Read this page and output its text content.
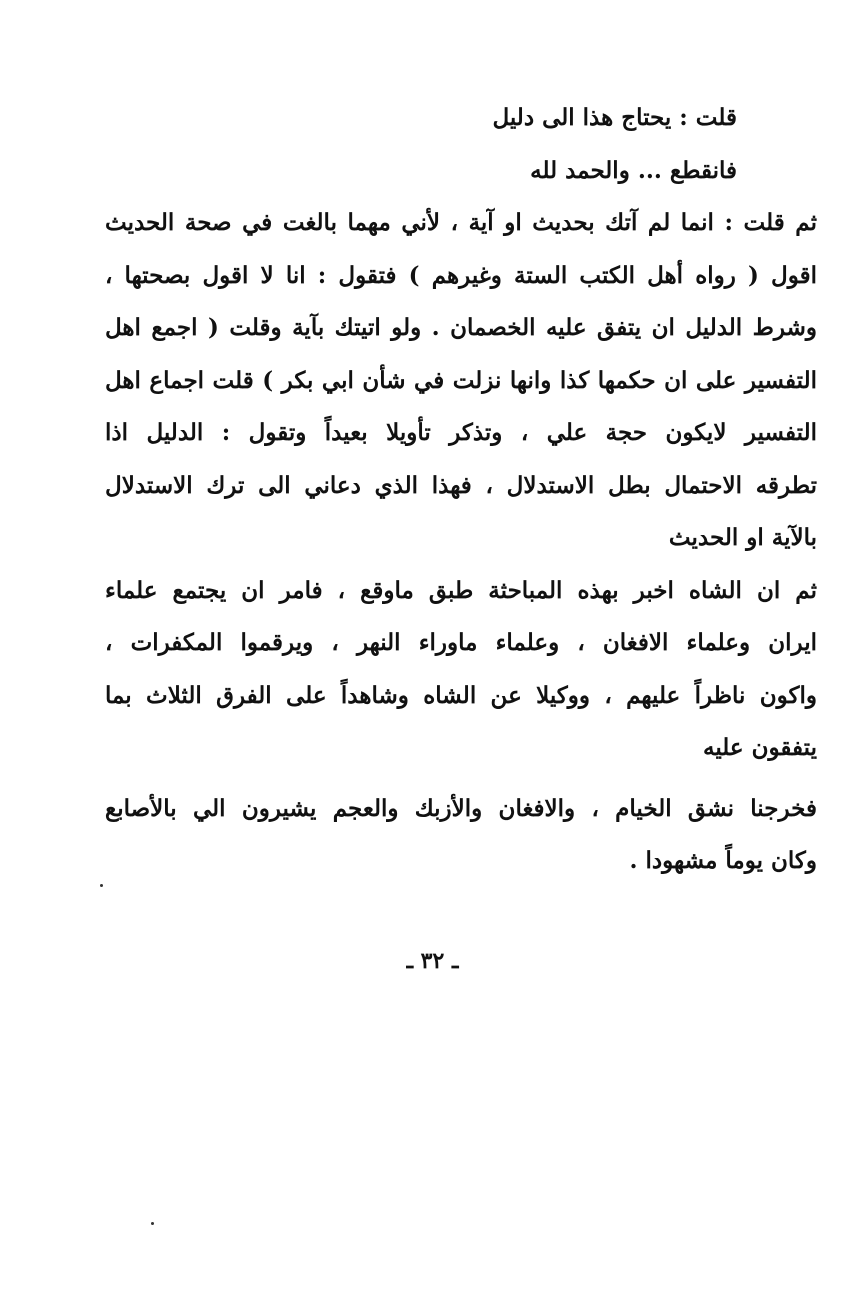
قلت : يحتاج هذا الى دليل
فانقطع ... والحمد لله
ثم قلت : انما لم آتك بحديث او آية ، لأني مهما بالغت في صحة الحديث
اقول ( رواه أهل الكتب الستة وغيرهم ) فتقول : انا لا اقول بصحتها ،
وشرط الدليل ان يتفق عليه الخصمان . ولو اتيتك بآية وقلت ( اجمع اهل
التفسير على ان حكمها كذا وانها نزلت في شأن ابي بكر ) قلت اجماع اهل
التفسير لايكون حجة علي ، وتذكر تأويلا بعيداً وتقول : الدليل اذا
تطرقه الاحتمال بطل الاستدلال ، فهذا الذي دعاني الى ترك الاستدلال
بالآية او الحديث
ثم ان الشاه اخبر بهذه المباحثة طبق ماوقع ، فامر ان يجتمع علماء
ايران وعلماء الافغان ، وعلماء ماوراء النهر ، ويرقموا المكفرات ،
واكون ناظراً عليهم ، ووكيلا عن الشاه وشاهداً على الفرق الثلاث بما
يتفقون عليه
فخرجنا نشق الخيام ، والافغان والأزبك والعجم يشيرون الي بالأصابع
وكان يوماً مشهودا .
ـ ٣٢ ـ
